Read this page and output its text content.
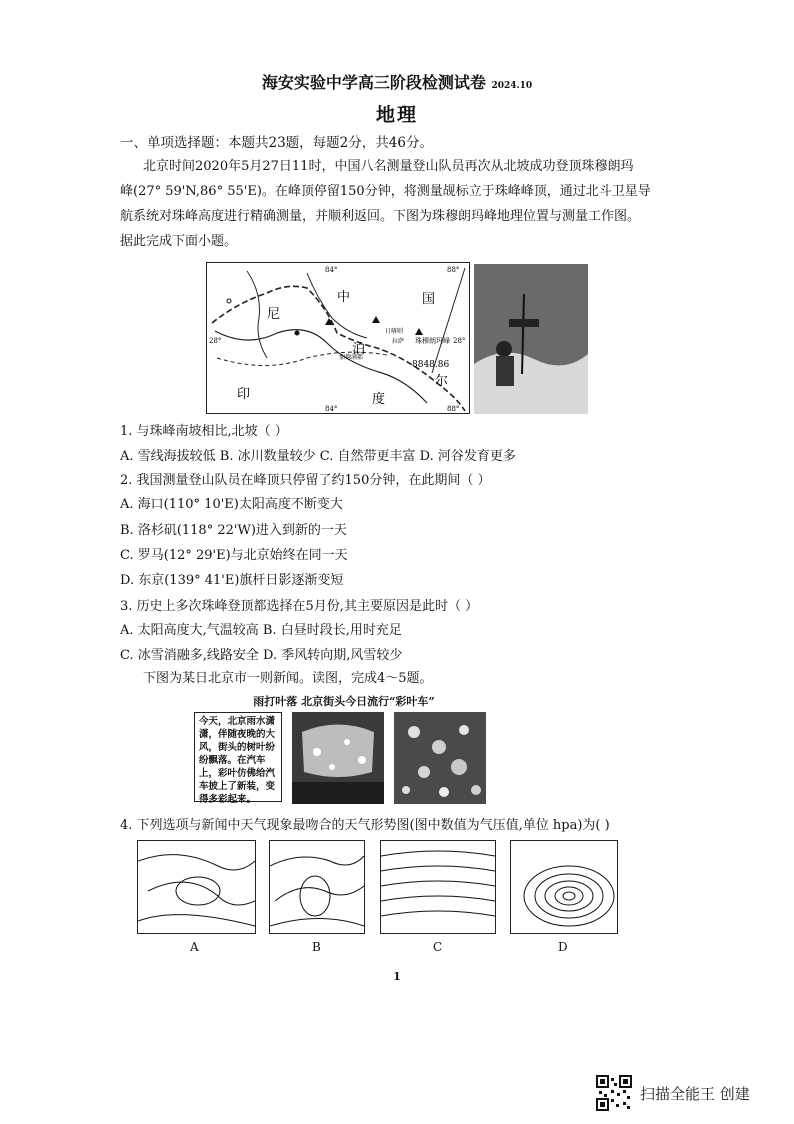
海安实验中学高三阶段检测试卷 2024.10
地理
一、单项选择题：本题共23题，每题2分，共46分。
北京时间2020年5月27日11时，中国八名测量登山队员再次从北坡成功登顶珠穆朗玛
峰(27° 59'N,86° 55'E)。在峰顶停留150分钟，将测量觇标立于珠峰峰顶，通过北斗卫星导
航系统对珠峰高度进行精确测量，并顺利返回。下图为珠穆朗玛峰地理位置与测量工作图。
据此完成下面小题。
中	国
尼
泊
尔
印	度
珠穆朗玛峰
8848.86
28°	28°
84°	88°
84°	88°
加德满都
日喀则
拉萨
1. 与珠峰南坡相比,北坡（ ）
A. 雪线海拔较低 B. 冰川数量较少 C. 自然带更丰富 D. 河谷发育更多
2. 我国测量登山队员在峰顶只停留了约150分钟，在此期间（ ）
A. 海口(110° 10'E)太阳高度不断变大
B. 洛杉矶(118° 22'W)进入到新的一天
C. 罗马(12° 29'E)与北京始终在同一天
D. 东京(139° 41'E)旗杆日影逐渐变短
3. 历史上多次珠峰登顶都选择在5月份,其主要原因是此时（ ）
A. 太阳高度大,气温较高 B. 白昼时段长,用时充足
C. 冰雪消融多,线路安全 D. 季风转向期,风雪较少
下图为某日北京市一则新闻。读图，完成4～5题。
雨打叶落 北京街头今日流行“彩叶车”
今天，北京雨水潇潇，伴随夜晚的大风，街头的树叶纷纷飘落。在汽车上，彩叶仿佛给汽车披上了新装，变得多彩起来。
4. 下列选项与新闻中天气现象最吻合的天气形势图(图中数值为气压值,单位 hpa)为( )
A	B	C	D
1
扫描全能王 创建
